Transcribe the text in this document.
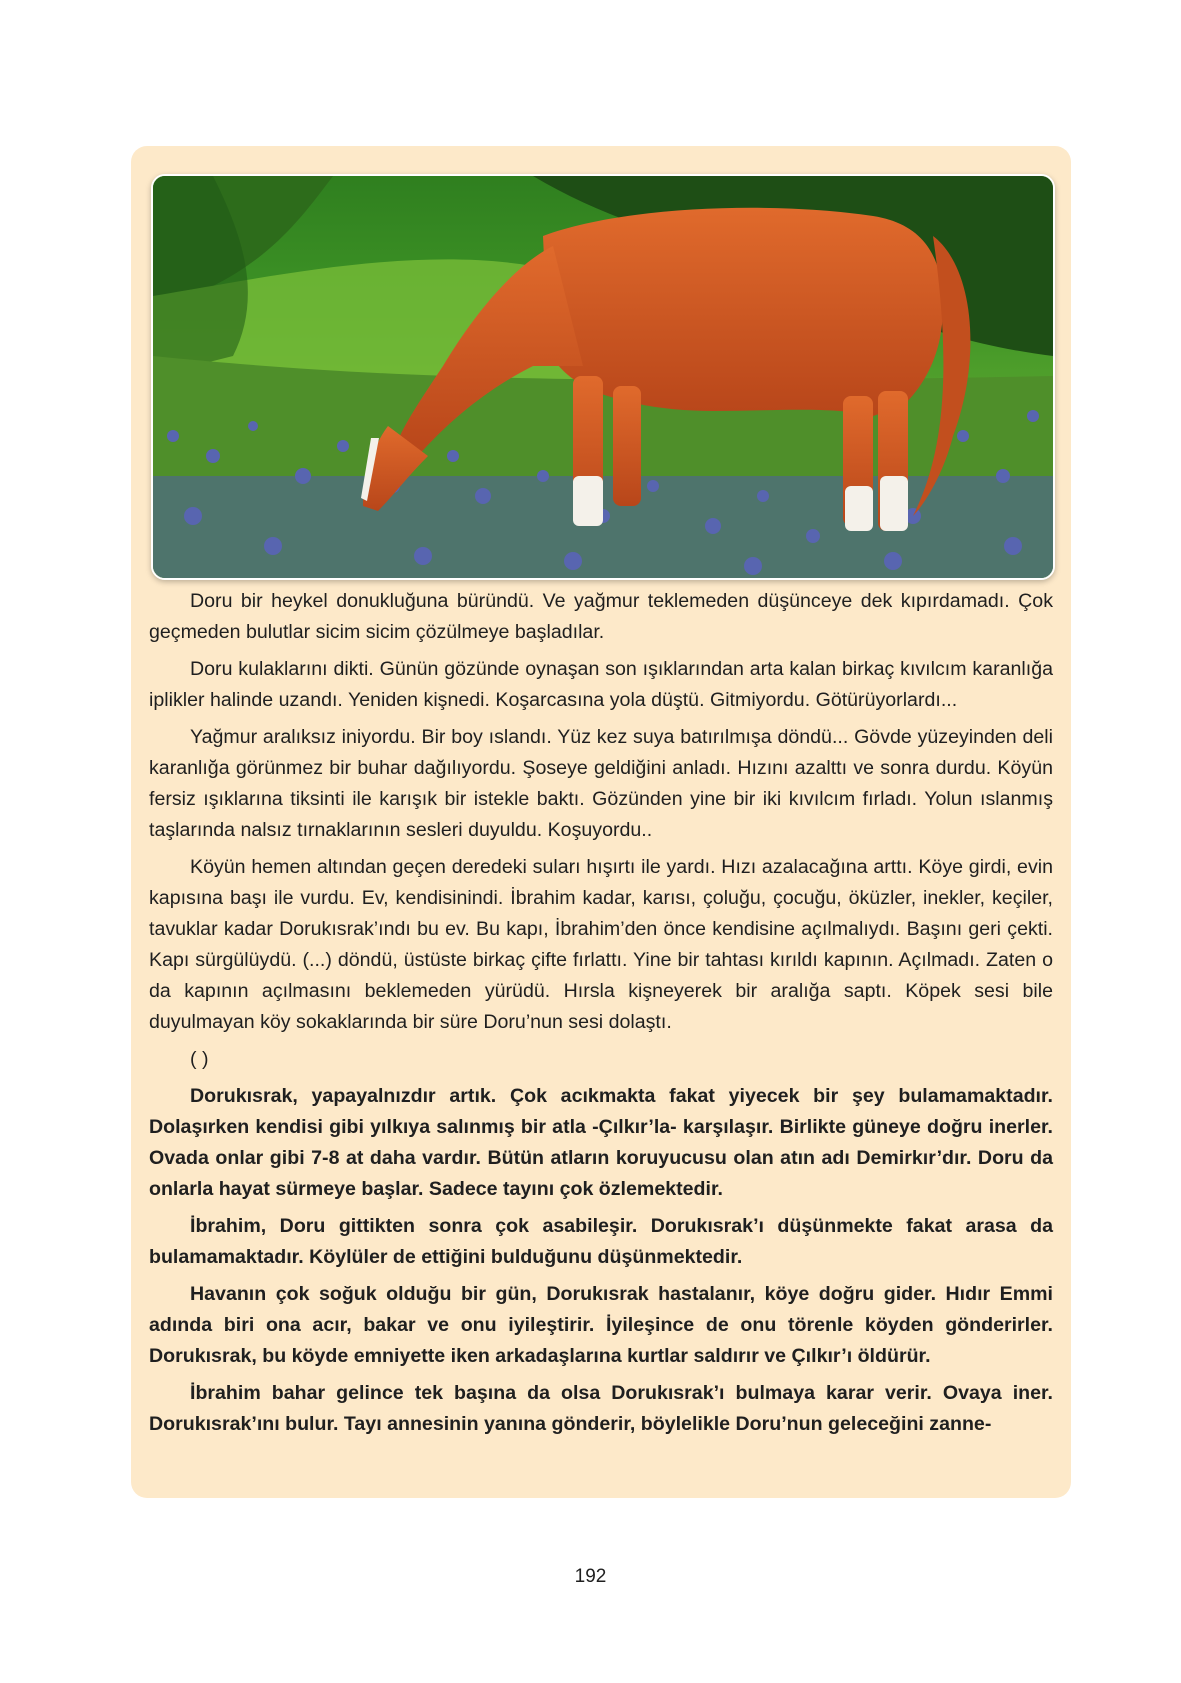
Doru bir heykel donukluğuna büründü. Ve yağmur teklemeden düşünceye dek kıpırdamadı. Çok geçmeden bulutlar sicim sicim çözülmeye başladılar.

Doru kulaklarını dikti. Günün gözünde oynaşan son ışıklarından arta kalan birkaç kıvılcım karanlığa iplikler halinde uzandı. Yeniden kişnedi. Koşarcasına yola düştü. Gitmiyordu. Götürüyorlardı...

Yağmur aralıksız iniyordu. Bir boy ıslandı. Yüz kez suya batırılmışa döndü... Gövde yüzeyinden deli karanlığa görünmez bir buhar dağılıyordu. Şoseye geldiğini anladı. Hızını azalttı ve sonra durdu. Köyün fersiz ışıklarına tiksinti ile karışık bir istekle baktı. Gözünden yine bir iki kıvılcım fırladı. Yolun ıslanmış taşlarında nalsız tırnaklarının sesleri duyuldu. Koşuyordu..

Köyün hemen altından geçen deredeki suları hışırtı ile yardı. Hızı azalacağına arttı. Köye girdi, evin kapısına başı ile vurdu. Ev, kendisinindi. İbrahim kadar, karısı, çoluğu, çocuğu, öküzler, inekler, keçiler, tavuklar kadar Dorukısrak’ındı bu ev. Bu kapı, İbrahim’den önce kendisine açılmalıydı. Başını geri çekti. Kapı sürgülüydü. (...) döndü, üstüste birkaç çifte fırlattı. Yine bir tahtası kırıldı kapının. Açılmadı. Zaten o da kapının açılmasını beklemeden yürüdü. Hırsla kişneyerek bir aralığa saptı. Köpek sesi bile duyulmayan köy sokaklarında bir süre Doru’nun sesi dolaştı.

( )

Dorukısrak, yapayalnızdır artık. Çok acıkmakta fakat yiyecek bir şey bulamamaktadır. Dolaşırken kendisi gibi yılkıya salınmış bir atla -Çılkır’la- karşılaşır. Birlikte güneye doğru inerler. Ovada onlar gibi 7-8 at daha vardır. Bütün atların koruyucusu olan atın adı Demirkır’dır. Doru da onlarla hayat sürmeye başlar. Sadece tayını çok özlemektedir.

İbrahim, Doru gittikten sonra çok asabileşir. Dorukısrak’ı düşünmekte fakat arasa da bulamamaktadır. Köylüler de ettiğini bulduğunu düşünmektedir.

Havanın çok soğuk olduğu bir gün, Dorukısrak hastalanır, köye doğru gider. Hıdır Emmi adında biri ona acır, bakar ve onu iyileştirir. İyileşince de onu törenle köyden gönderirler. Dorukısrak, bu köyde emniyette iken arkadaşlarına kurtlar saldırır ve Çılkır’ı öldürür.

İbrahim bahar gelince tek başına da olsa Dorukısrak’ı bulmaya karar verir. Ovaya iner. Dorukısrak’ını bulur. Tayı annesinin yanına gönderir, böylelikle Doru’nun geleceğini zanne-

192
